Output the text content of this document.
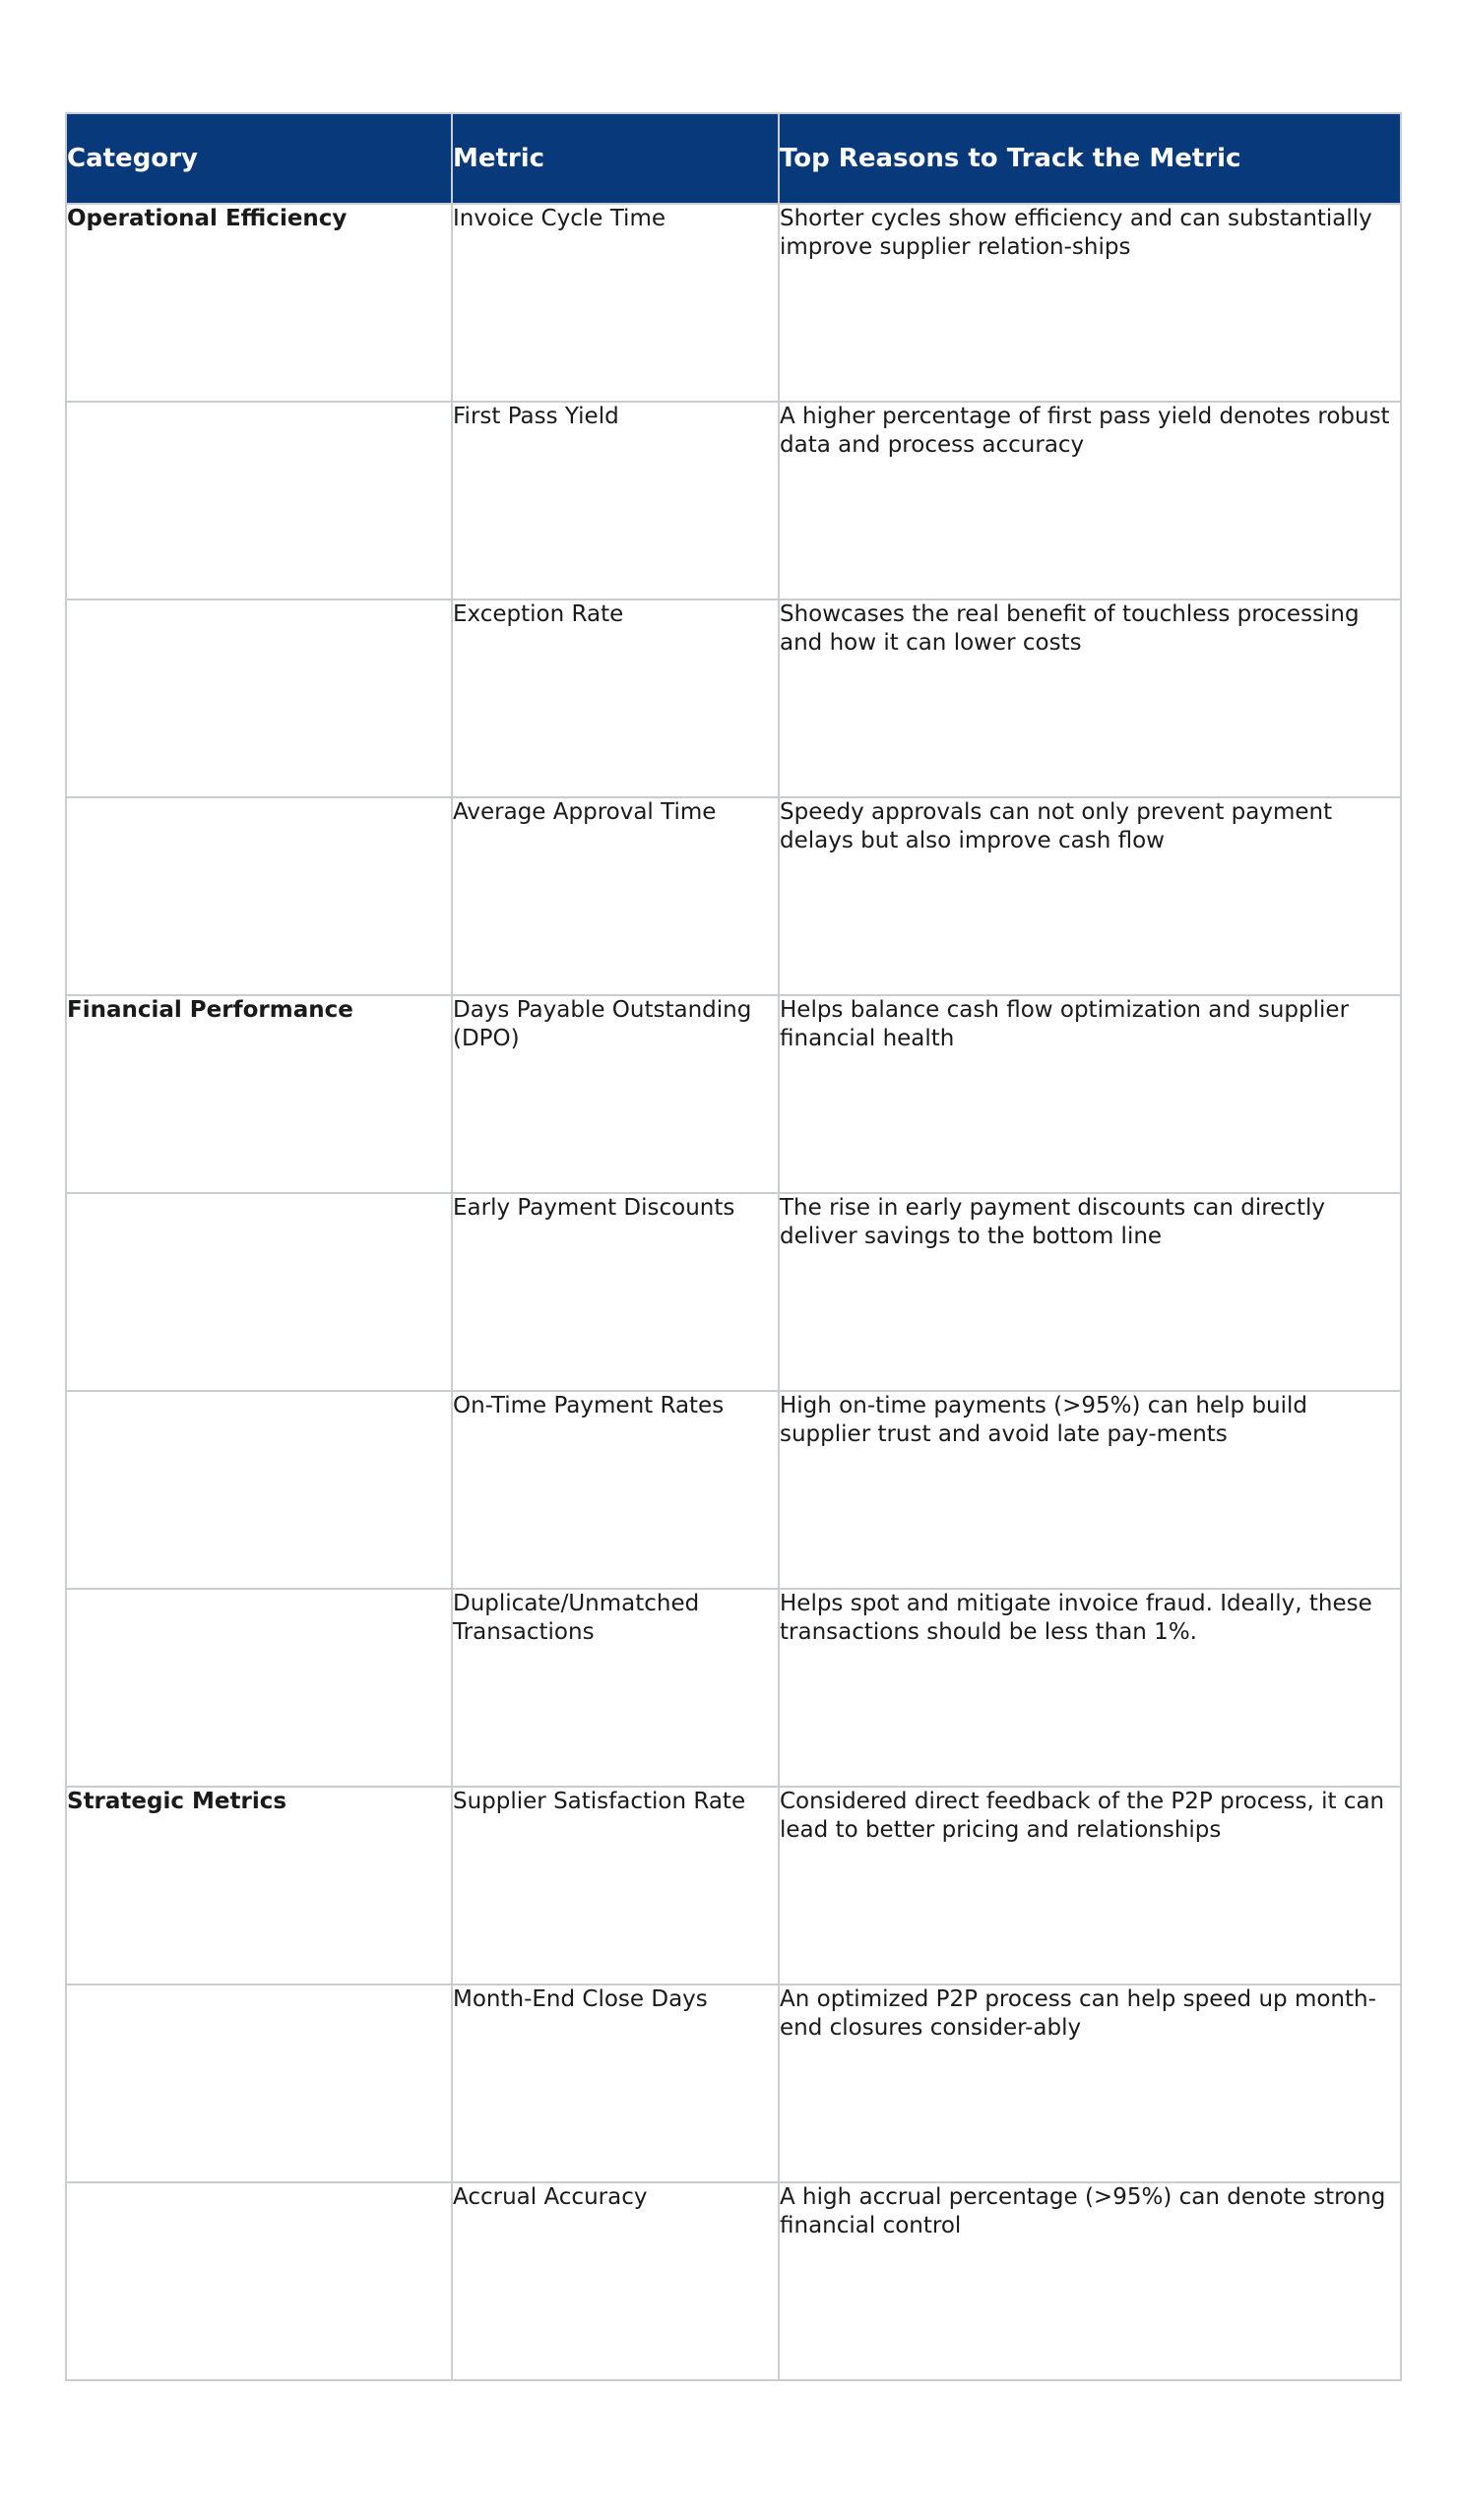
Category	Metric	Top Reasons to Track the Metric
Operational Efficiency	Invoice Cycle Time	Shorter cycles show efficiency and can substantially improve supplier relation-ships
	First Pass Yield	A higher percentage of first pass yield denotes robust data and process accuracy
	Exception Rate	Showcases the real benefit of touchless processing and how it can lower costs
	Average Approval Time	Speedy approvals can not only prevent payment delays but also improve cash flow
Financial Performance	Days Payable Outstanding (DPO)	Helps balance cash flow optimization and supplier financial health
	Early Payment Discounts	The rise in early payment discounts can directly deliver savings to the bottom line
	On-Time Payment Rates	High on-time payments (>95%) can help build supplier trust and avoid late pay-ments
	Duplicate/Unmatched Transactions	Helps spot and mitigate invoice fraud. Ideally, these transactions should be less than 1%.
Strategic Metrics	Supplier Satisfaction Rate	Considered direct feedback of the P2P process, it can lead to better pricing and relationships
	Month-End Close Days	An optimized P2P process can help speed up month-end closures consider-ably
	Accrual Accuracy	A high accrual percentage (>95%) can denote strong financial control
